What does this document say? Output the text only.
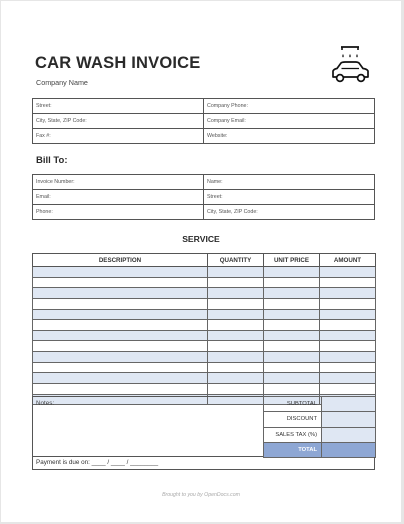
CAR WASH INVOICE
Company Name
Street:	Company Phone:
City, State, ZIP Code:	Company Email:
Fax #:	Website:
Bill To:
Invoice Number:	Name:
Email:	Street:
Phone:	City, State, ZIP Code:
SERVICE
DESCRIPTION	QUANTITY	UNIT PRICE	AMOUNT

Notes:	SUBTOTAL	
DISCOUNT	
SALES TAX (%)	
TOTAL	
Payment is due on: ____ / ____ / ________
Brought to you by OpenDocs.com
